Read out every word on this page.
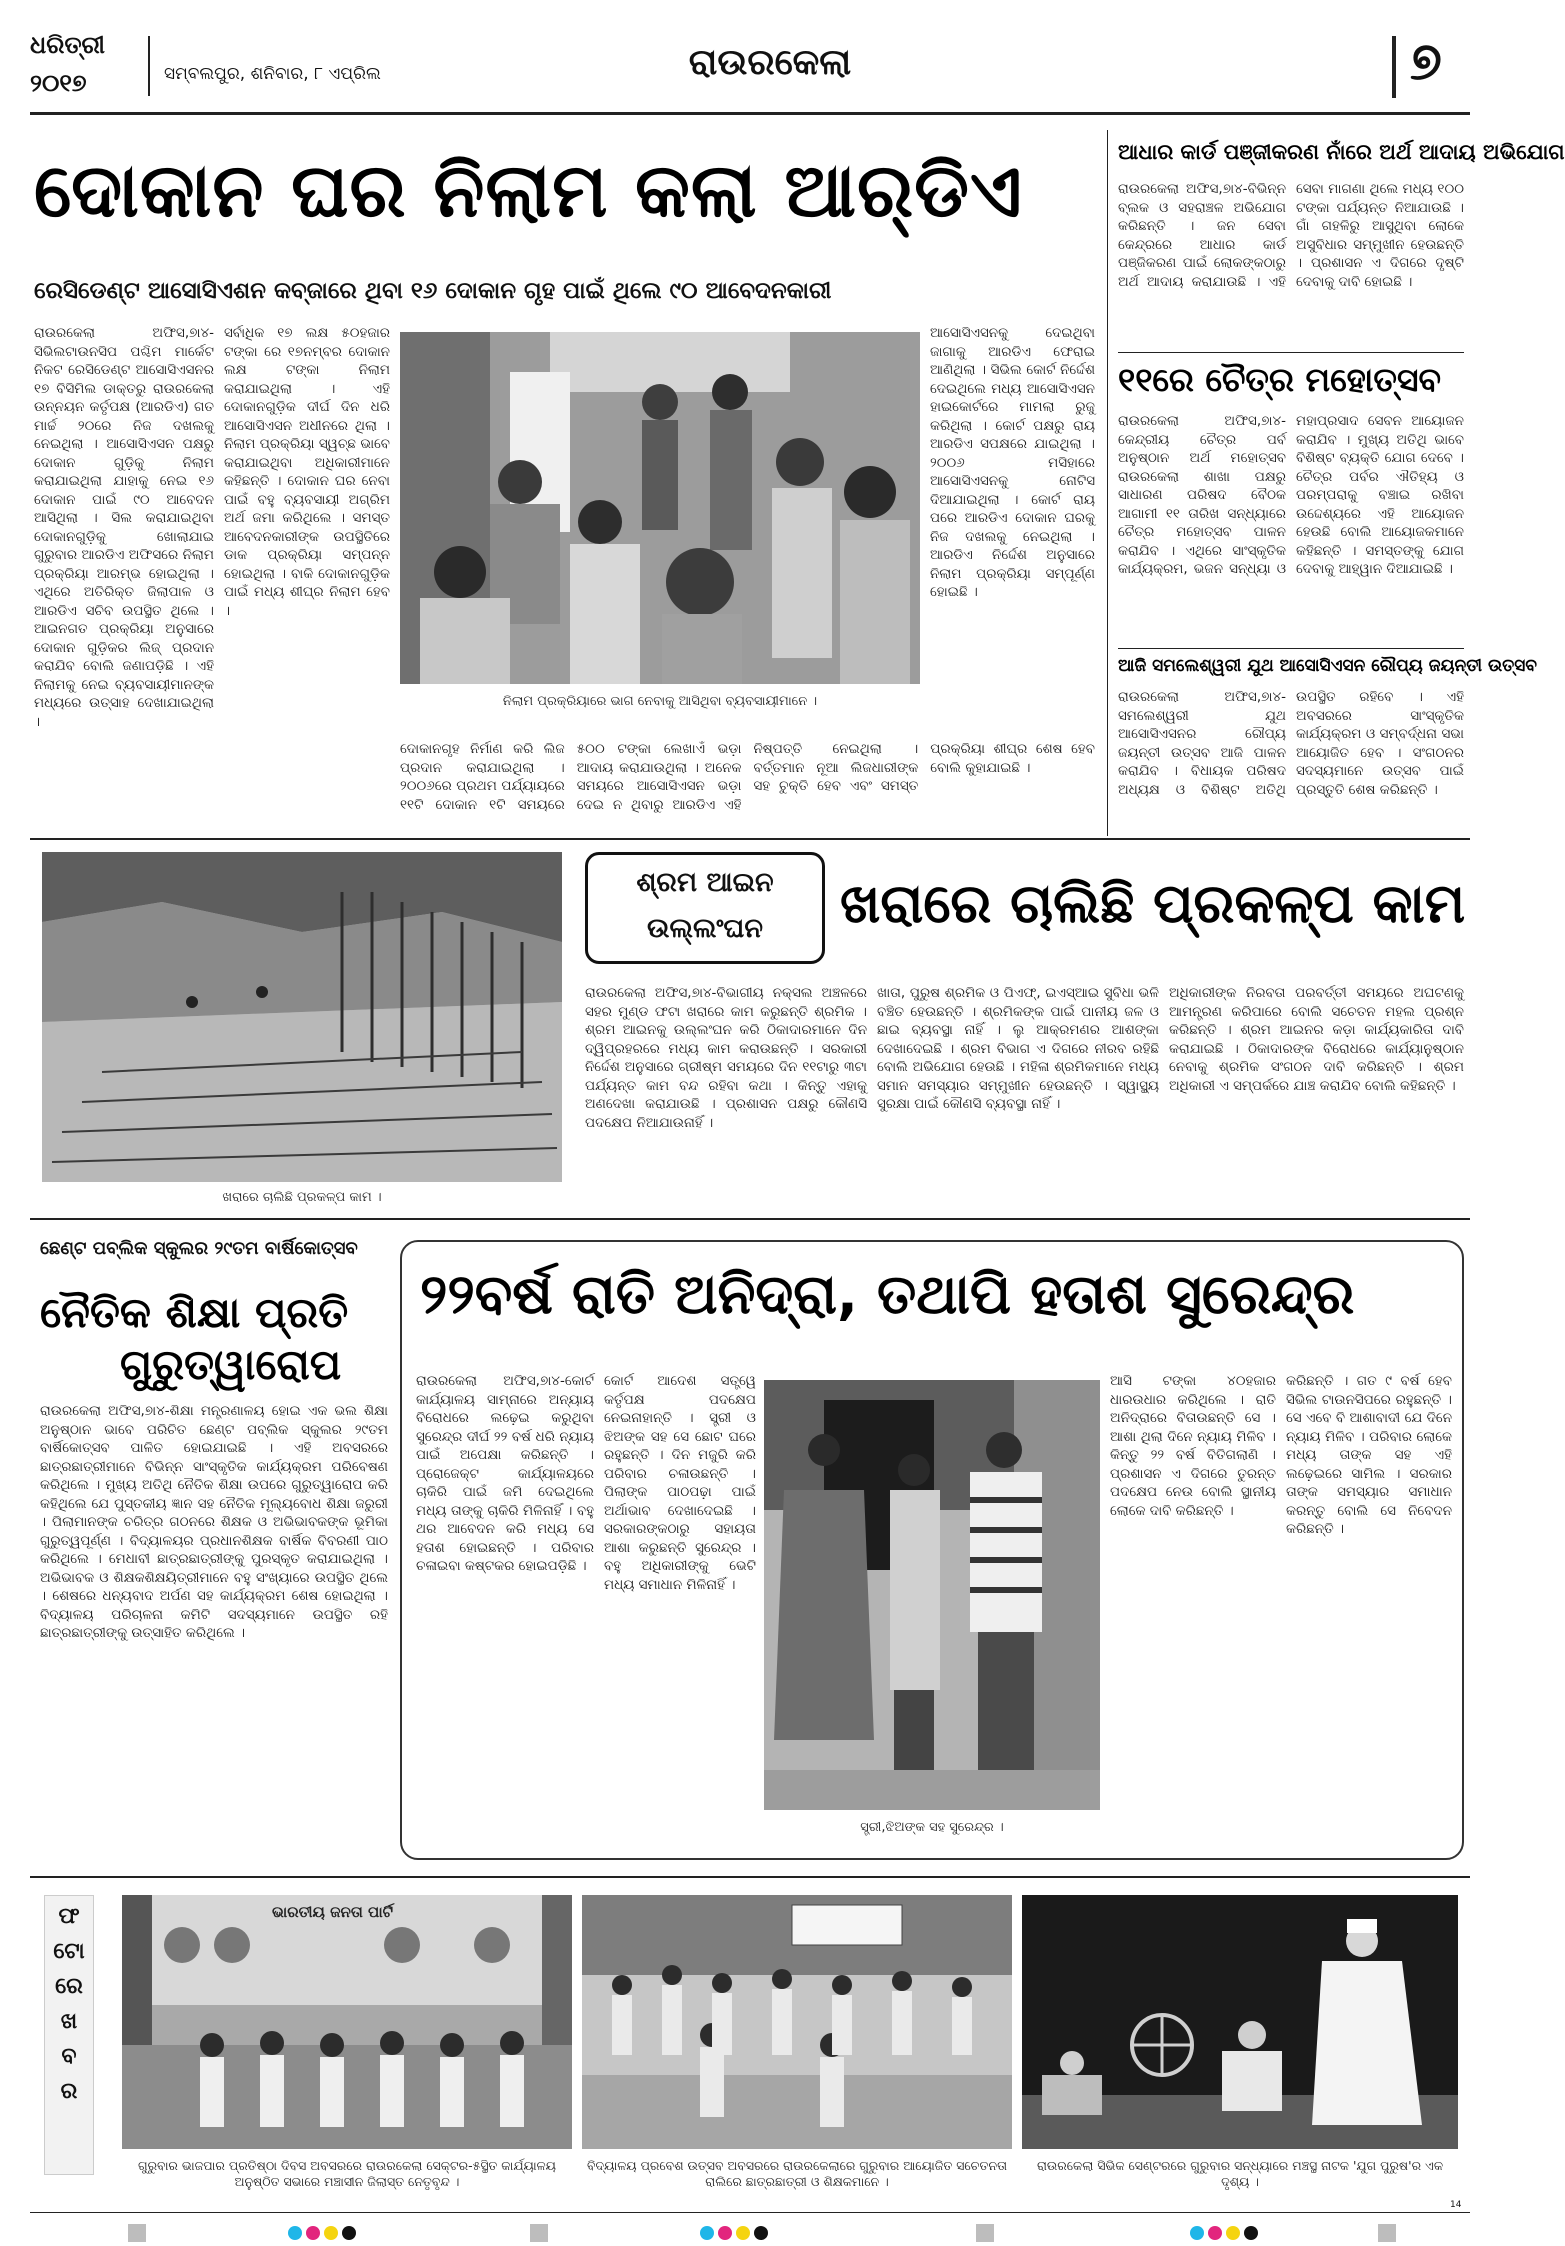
ଧରିତ୍ରୀ
୨୦୧୭	ସମ୍ବଲପୁର, ଶନିବାର, ୮ ଏପ୍ରିଲ	ରାଉରକେଲା	୭
ଦୋକାନ ଘର ନିଲାମ କଲା ଆର୍‌ଡିଏ
ରେସିଡେଣ୍ଟ ଆସୋସିଏଶନ କବ୍‌ଜାରେ ଥିବା ୧୬ ଦୋକାନ ଗୃହ ପାଇଁ ଥିଲେ ୯୦ ଆବେଦନକାରୀ
ରାଉରକେଲା ଅଫିସ,୭ା୪- ସିଭିଲଟାଉନସିପ ପଶ୍ଚିମ ମାର୍କେଟ ନିକଟ ରେସିଡେଣ୍ଟ ଆସୋସିଏସନର ୧୭ ବିସିମିଲ ଡାକ୍ତରୁ ରାଉରକେଲା ଉନ୍ନୟନ କର୍ତୃପକ୍ଷ (ଆରଡିଏ) ଗତ ମାର୍ଚ୍ଚ ୨୦ରେ ନିଜ ଦଖଲକୁ ନେଇଥିଲା । ଆସୋସିଏସନ ପକ୍ଷରୁ ଦୋକାନ ଗୁଡ଼ିକୁ ନିଲାମ କରାଯାଇଥିଲା ଯାହାକୁ ନେଇ ୧୬ ଦୋକାନ ପାଇଁ ୯୦ ଆବେଦନ ଆସିଥିଲା । ସିଲ କରାଯାଇଥିବା ଦୋକାନଗୁଡ଼ିକୁ ଖୋଲାଯାଇ ଗୁରୁବାର ଆରଡିଏ ଅଫିସରେ ନିଲାମ ପ୍ରକ୍ରିୟା ଆରମ୍ଭ ହୋଇଥିଲା । ଏଥିରେ ଅତିରିକ୍ତ ଜିଲାପାଳ ଓ ଆରଡିଏ ସଚିବ ଉପସ୍ଥିତ ଥିଲେ । ଆଇନଗତ ପ୍ରକ୍ରିୟା ଅନୁସାରେ ଦୋକାନ ଗୁଡ଼ିକର ଲିଜ୍ ପ୍ରଦାନ କରାଯିବ ବୋଲି ଜଣାପଡ଼ିଛି । ଏହି ନିଲାମକୁ ନେଇ ବ୍ୟବସାୟୀମାନଙ୍କ ମଧ୍ୟରେ ଉତ୍ସାହ ଦେଖାଯାଇଥିଲା ।
ସର୍ବାଧିକ ୧୭ ଲକ୍ଷ ୫୦ହଜାର ଟଙ୍କା ରେ ୧୭ନମ୍ବର ଦୋକାନ ଲକ୍ଷ ଟଙ୍କା ନିଲାମ କରାଯାଇଥିଲା । ଏହି ଦୋକାନଗୁଡ଼ିକ ଦୀର୍ଘ ଦିନ ଧରି ଆସୋସିଏସନ ଅଧୀନରେ ଥିଲା । ନିଲାମ ପ୍ରକ୍ରିୟା ସ୍ୱଚ୍ଛ ଭାବେ କରାଯାଇଥିବା ଅଧିକାରୀମାନେ କହିଛନ୍ତି । ଦୋକାନ ଘର ନେବା ପାଇଁ ବହୁ ବ୍ୟବସାୟୀ ଅଗ୍ରିମ ଅର୍ଥ ଜମା କରିଥିଲେ । ସମସ୍ତ ଆବେଦନକାରୀଙ୍କ ଉପସ୍ଥିତିରେ ଡାକ ପ୍ରକ୍ରିୟା ସମ୍ପନ୍ନ ହୋଇଥିଲା । ବାକି ଦୋକାନଗୁଡ଼ିକ ପାଇଁ ମଧ୍ୟ ଶୀଘ୍ର ନିଲାମ ହେବ ।
ନିଲାମ ପ୍ରକ୍ରିୟାରେ ଭାଗ ନେବାକୁ ଆସିଥିବା ବ୍ୟବସାୟୀମାନେ ।
ଆସୋସିଏସନକୁ ଦେଇଥିବା ଜାଗାକୁ ଆରଡିଏ ଫେରାଇ ଆଣିଥିଲା । ସିଭିଲ କୋର୍ଟ ନିର୍ଦ୍ଦେଶ ଦେଇଥିଲେ ମଧ୍ୟ ଆସୋସିଏସନ ହାଇକୋର୍ଟରେ ମାମଲା ରୁଜୁ କରିଥିଲା । କୋର୍ଟ ପକ୍ଷରୁ ରାୟ ଆରଡିଏ ସପକ୍ଷରେ ଯାଇଥିଲା । ୨୦୦୬ ମସିହାରେ ଆସୋସିଏସନକୁ ନୋଟିସ ଦିଆଯାଇଥିଲା । କୋର୍ଟ ରାୟ ପରେ ଆରଡିଏ ଦୋକାନ ଘରକୁ ନିଜ ଦଖଲକୁ ନେଇଥିଲା । ଆରଡିଏ ନିର୍ଦ୍ଦେଶ ଅନୁସାରେ ନିଲାମ ପ୍ରକ୍ରିୟା ସମ୍ପୂର୍ଣ୍ଣ ହୋଇଛି ।
ଦୋକାନଗୃହ ନିର୍ମାଣ କରି ଲିଜ ପ୍ରଦାନ କରାଯାଇଥିଲା । ୨୦୦୬ରେ ପ୍ରଥମ ପର୍ଯ୍ୟାୟରେ ୧୧ଟି ଦୋକାନ ୧ଟି ସମୟରେ ୫୦୦ ଟଙ୍କା ଲେଖାଏଁ ଭଡ଼ା ଆଦାୟ କରାଯାଉଥିଲା । ଅନେକ ସମୟରେ ଆସୋସିଏସନ ଭଡ଼ା ଦେଇ ନ ଥିବାରୁ ଆରଡିଏ ଏହି ନିଷ୍ପତ୍ତି ନେଇଥିଲା । ବର୍ତ୍ତମାନ ନୂଆ ଲିଜଧାରୀଙ୍କ ସହ ଚୁକ୍ତି ହେବ ଏବଂ ସମସ୍ତ ପ୍ରକ୍ରିୟା ଶୀଘ୍ର ଶେଷ ହେବ ବୋଲି କୁହାଯାଇଛି ।
ଆଧାର କାର୍ଡ ପଞ୍ଜୀକରଣ ନାଁରେ ଅର୍ଥ ଆଦାୟ ଅଭିଯୋଗ
ରାଉରକେଲା ଅଫିସ,୭ା୪-ବିଭିନ୍ନ ବ୍ଲକ ଓ ସହରାଞ୍ଚଳ ଅଭିଯୋଗ କରିଛନ୍ତି । ଜନ ସେବା କେନ୍ଦ୍ରରେ ଆଧାର କାର୍ଡ ପଞ୍ଜିକରଣ ପାଇଁ ଲୋକଙ୍କଠାରୁ ଅର୍ଥ ଆଦାୟ କରାଯାଉଛି । ଏହି ସେବା ମାଗଣା ଥିଲେ ମଧ୍ୟ ୧୦୦ ଟଙ୍କା ପର୍ଯ୍ୟନ୍ତ ନିଆଯାଉଛି । ଗାଁ ଗହଳିରୁ ଆସୁଥିବା ଲୋକେ ଅସୁବିଧାର ସମ୍ମୁଖୀନ ହେଉଛନ୍ତି । ପ୍ରଶାସନ ଏ ଦିଗରେ ଦୃଷ୍ଟି ଦେବାକୁ ଦାବି ହୋଇଛି ।
୧୧ରେ ଚୈତ୍ର ମହୋତ୍ସବ
ରାଉରକେଲା ଅଫିସ,୭ା୪-କେନ୍ଦ୍ରୀୟ ଚୈତ୍ର ପର୍ବ ଅନୁଷ୍ଠାନ ଅର୍ଥ ମହୋତ୍ସବ ରାଉରକେଲା ଶାଖା ପକ୍ଷରୁ ସାଧାରଣ ପରିଷଦ ବୈଠକ ଆଗାମୀ ୧୧ ତାରିଖ ସନ୍ଧ୍ୟାରେ ଚୈତ୍ର ମହୋତ୍ସବ ପାଳନ କରାଯିବ । ଏଥିରେ ସାଂସ୍କୃତିକ କାର୍ଯ୍ୟକ୍ରମ, ଭଜନ ସନ୍ଧ୍ୟା ଓ ମହାପ୍ରସାଦ ସେବନ ଆୟୋଜନ କରାଯିବ । ମୁଖ୍ୟ ଅତିଥି ଭାବେ ବିଶିଷ୍ଟ ବ୍ୟକ୍ତି ଯୋଗ ଦେବେ । ଚୈତ୍ର ପର୍ବର ଐତିହ୍ୟ ଓ ପରମ୍ପରାକୁ ବଞ୍ଚାଇ ରଖିବା ଉଦ୍ଦେଶ୍ୟରେ ଏହି ଆୟୋଜନ ହେଉଛି ବୋଲି ଆୟୋଜକମାନେ କହିଛନ୍ତି । ସମସ୍ତଙ୍କୁ ଯୋଗ ଦେବାକୁ ଆହ୍ୱାନ ଦିଆଯାଇଛି ।
ଆଜି ସମଲେଶ୍ୱରୀ ଯୁଥ ଆସୋସିଏସନ ରୌପ୍ୟ ଜୟନ୍ତୀ ଉତ୍ସବ
ରାଉରକେଲା ଅଫିସ,୭ା୪-ସମଲେଶ୍ୱରୀ ଯୁଥ ଆସୋସିଏସନର ରୌପ୍ୟ ଜୟନ୍ତୀ ଉତ୍ସବ ଆଜି ପାଳନ କରାଯିବ । ବିଧାୟକ ପରିଷଦ ଅଧ୍ୟକ୍ଷ ଓ ବିଶିଷ୍ଟ ଅତିଥି ଉପସ୍ଥିତ ରହିବେ । ଏହି ଅବସରରେ ସାଂସ୍କୃତିକ କାର୍ଯ୍ୟକ୍ରମ ଓ ସମ୍ବର୍ଦ୍ଧନା ସଭା ଆୟୋଜିତ ହେବ । ସଂଗଠନର ସଦସ୍ୟମାନେ ଉତ୍ସବ ପାଇଁ ପ୍ରସ୍ତୁତି ଶେଷ କରିଛନ୍ତି ।
ଖରାରେ ଚାଲିଛି ପ୍ରକଳ୍ପ କାମ ।
ଶ୍ରମ ଆଇନ
ଉଲ୍ଲଂଘନ	ଖରାରେ ଚାଲିଛି ପ୍ରକଳ୍ପ କାମ
ରାଉରକେଲା ଅଫିସ,୭ା୪-ବିଭାଗୀୟ ନକ୍ସଲ ଅଞ୍ଚଳରେ ସହର ମୁଣ୍ଡ ଫଟା ଖରାରେ କାମ କରୁଛନ୍ତି ଶ୍ରମିକ । ଶ୍ରମ ଆଇନକୁ ଉଲ୍ଲଂଘନ କରି ଠିକାଦାରମାନେ ଦିନ ଦ୍ୱିପ୍ରହରରେ ମଧ୍ୟ କାମ କରାଉଛନ୍ତି । ସରକାରୀ ନିର୍ଦ୍ଦେଶ ଅନୁସାରେ ଗ୍ରୀଷ୍ମ ସମୟରେ ଦିନ ୧୧ଟାରୁ ୩ଟା ପର୍ଯ୍ୟନ୍ତ କାମ ବନ୍ଦ ରହିବା କଥା । କିନ୍ତୁ ଏହାକୁ ଅଣଦେଖା କରାଯାଉଛି । ପ୍ରଶାସନ ପକ୍ଷରୁ କୌଣସି ପଦକ୍ଷେପ ନିଆଯାଉନାହିଁ ।
ଖାତା, ପୁରୁଷ ଶ୍ରମିକ ଓ ପିଏଫ୍, ଇଏସ୍ଆଇ ସୁବିଧା ଭଳି ବଞ୍ଚିତ ହେଉଛନ୍ତି । ଶ୍ରମିକଙ୍କ ପାଇଁ ପାନୀୟ ଜଳ ଓ ଛାଇ ବ୍ୟବସ୍ଥା ନାହିଁ । ଲୁ ଆକ୍ରମଣର ଆଶଙ୍କା ଦେଖାଦେଇଛି । ଶ୍ରମ ବିଭାଗ ଏ ଦିଗରେ ନୀରବ ରହିଛି ବୋଲି ଅଭିଯୋଗ ହେଉଛି । ମହିଳା ଶ୍ରମିକମାନେ ମଧ୍ୟ ସମାନ ସମସ୍ୟାର ସମ୍ମୁଖୀନ ହେଉଛନ୍ତି । ସ୍ୱାସ୍ଥ୍ୟ ସୁରକ୍ଷା ପାଇଁ କୌଣସି ବ୍ୟବସ୍ଥା ନାହିଁ ।
ଅଧିକାରୀଙ୍କ ନିରବତା ପରବର୍ତ୍ତୀ ସମୟରେ ଅଘଟଣକୁ ଆମନ୍ତ୍ରଣ କରିପାରେ ବୋଲି ସଚେତନ ମହଲ ପ୍ରଶ୍ନ କରିଛନ୍ତି । ଶ୍ରମ ଆଇନର କଡ଼ା କାର୍ଯ୍ୟକାରିତା ଦାବି କରାଯାଇଛି । ଠିକାଦାରଙ୍କ ବିରୋଧରେ କାର୍ଯ୍ୟାନୁଷ୍ଠାନ ନେବାକୁ ଶ୍ରମିକ ସଂଗଠନ ଦାବି କରିଛନ୍ତି । ଶ୍ରମ ଅଧିକାରୀ ଏ ସମ୍ପର୍କରେ ଯାଞ୍ଚ କରାଯିବ ବୋଲି କହିଛନ୍ତି ।
ଛେଣ୍ଟ ପବ୍ଲିକ ସ୍କୁଲର ୨୯ତମ ବାର୍ଷିକୋତ୍ସବ
ନୈତିକ ଶିକ୍ଷା ପ୍ରତି
ଗୁରୁତ୍ୱାରୋପ
ରାଉରକେଲା ଅଫିସ,୭ା୪-ଶିକ୍ଷା ମନ୍ତ୍ରଣାଳୟ ହୋଇ ଏକ ଭଲ ଶିକ୍ଷା ଅନୁଷ୍ଠାନ ଭାବେ ପରିଚିତ ଛେଣ୍ଟ ପବ୍ଲିକ ସ୍କୁଲର ୨୯ତମ ବାର୍ଷିକୋତ୍ସବ ପାଳିତ ହୋଇଯାଇଛି । ଏହି ଅବସରରେ ଛାତ୍ରଛାତ୍ରୀମାନେ ବିଭିନ୍ନ ସାଂସ୍କୃତିକ କାର୍ଯ୍ୟକ୍ରମ ପରିବେଷଣ କରିଥିଲେ । ମୁଖ୍ୟ ଅତିଥି ନୈତିକ ଶିକ୍ଷା ଉପରେ ଗୁରୁତ୍ୱାରୋପ କରି କହିଥିଲେ ଯେ ପୁସ୍ତକୀୟ ଜ୍ଞାନ ସହ ନୈତିକ ମୂଲ୍ୟବୋଧ ଶିକ୍ଷା ଜରୁରୀ । ପିଲାମାନଙ୍କ ଚରିତ୍ର ଗଠନରେ ଶିକ୍ଷକ ଓ ଅଭିଭାବକଙ୍କ ଭୂମିକା ଗୁରୁତ୍ୱପୂର୍ଣ୍ଣ । ବିଦ୍ୟାଳୟର ପ୍ରଧାନଶିକ୍ଷକ ବାର୍ଷିକ ବିବରଣୀ ପାଠ କରିଥିଲେ । ମେଧାବୀ ଛାତ୍ରଛାତ୍ରୀଙ୍କୁ ପୁରସ୍କୃତ କରାଯାଇଥିଲା । ଅଭିଭାବକ ଓ ଶିକ୍ଷକଶିକ୍ଷୟିତ୍ରୀମାନେ ବହୁ ସଂଖ୍ୟାରେ ଉପସ୍ଥିତ ଥିଲେ । ଶେଷରେ ଧନ୍ୟବାଦ ଅର୍ପଣ ସହ କାର୍ଯ୍ୟକ୍ରମ ଶେଷ ହୋଇଥିଲା । ବିଦ୍ୟାଳୟ ପରିଚାଳନା କମିଟି ସଦସ୍ୟମାନେ ଉପସ୍ଥିତ ରହି ଛାତ୍ରଛାତ୍ରୀଙ୍କୁ ଉତ୍ସାହିତ କରିଥିଲେ ।
୨୨ବର୍ଷ ରାତି ଅନିଦ୍ରା, ତଥାପି ହତାଶ ସୁରେନ୍ଦ୍ର
ରାଉରକେଲା ଅଫିସ,୭ା୪-କୋର୍ଟ କାର୍ଯ୍ୟାଳୟ ସାମ୍ନାରେ ଅନ୍ୟାୟ ବିରୋଧରେ ଲଢ଼େଇ କରୁଥିବା ସୁରେନ୍ଦ୍ର ଦୀର୍ଘ ୨୨ ବର୍ଷ ଧରି ନ୍ୟାୟ ପାଇଁ ଅପେକ୍ଷା କରିଛନ୍ତି । ପ୍ରୋଜେକ୍ଟ କାର୍ଯ୍ୟାଳୟରେ ଚାକିରି ପାଇଁ ଜମି ଦେଇଥିଲେ ମଧ୍ୟ ତାଙ୍କୁ ଚାକିରି ମିଳିନାହିଁ । ବହୁ ଥର ଆବେଦନ କରି ମଧ୍ୟ ସେ ହତାଶ ହୋଇଛନ୍ତି । ପରିବାର ଚଳାଇବା କଷ୍ଟକର ହୋଇପଡ଼ିଛି ।
କୋର୍ଟ ଆଦେଶ ସତ୍ତ୍ୱେ କର୍ତୃପକ୍ଷ ପଦକ୍ଷେପ ନେଇନାହାନ୍ତି । ସ୍ତ୍ରୀ ଓ ଝିଅଙ୍କ ସହ ସେ ଛୋଟ ଘରେ ରହୁଛନ୍ତି । ଦିନ ମଜୁରି କରି ପରିବାର ଚଳାଉଛନ୍ତି । ପିଲାଙ୍କ ପାଠପଢ଼ା ପାଇଁ ଅର୍ଥାଭାବ ଦେଖାଦେଇଛି । ସରକାରଙ୍କଠାରୁ ସହାୟତା ଆଶା କରୁଛନ୍ତି ସୁରେନ୍ଦ୍ର । ବହୁ ଅଧିକାରୀଙ୍କୁ ଭେଟି ମଧ୍ୟ ସମାଧାନ ମିଳିନାହିଁ ।
ସ୍ତ୍ରୀ,ଝିଅଙ୍କ ସହ ସୁରେନ୍ଦ୍ର ।
ଆସି ଟଙ୍କା ୪୦ହଜାର ଧାରଉଧାର କରିଥିଲେ । ରାତି ଅନିଦ୍ରାରେ ବିତାଉଛନ୍ତି ସେ । ଆଶା ଥିଲା ଦିନେ ନ୍ୟାୟ ମିଳିବ । କିନ୍ତୁ ୨୨ ବର୍ଷ ବିତିଗଲାଣି । ପ୍ରଶାସନ ଏ ଦିଗରେ ତୁରନ୍ତ ପଦକ୍ଷେପ ନେଉ ବୋଲି ସ୍ଥାନୀୟ ଲୋକେ ଦାବି କରିଛନ୍ତି ।
କରିଛନ୍ତି । ଗତ ୯ ବର୍ଷ ହେବ ସିଭିଲ ଟାଉନସିପରେ ରହୁଛନ୍ତି । ସେ ଏବେ ବି ଆଶାବାଦୀ ଯେ ଦିନେ ନ୍ୟାୟ ମିଳିବ । ପରିବାର ଲୋକେ ମଧ୍ୟ ତାଙ୍କ ସହ ଏହି ଲଢ଼େଇରେ ସାମିଲ । ସରକାର ତାଙ୍କ ସମସ୍ୟାର ସମାଧାନ କରନ୍ତୁ ବୋଲି ସେ ନିବେଦନ କରିଛନ୍ତି ।
ଫ
ଟୋ
ରେ
ଖ
ବ
ର
ଭାରତୀୟ ଜନତା ପାର୍ଟି
ଗୁରୁବାର ଭାଜପାର ପ୍ରତିଷ୍ଠା ଦିବସ ଅବସରରେ ରାଉରକେଲା ସେକ୍ଟର-୫ସ୍ଥିତ କାର୍ଯ୍ୟାଳୟ ଅନୁଷ୍ଠିତ ସଭାରେ ମଞ୍ଚାସୀନ ଜିଲାସ୍ତ ନେତୃବୃନ୍ଦ ।
ବିଦ୍ୟାଳୟ ପ୍ରବେଶ ଉତ୍ସବ ଅବସରରେ ରାଉରକେଲାରେ ଗୁରୁବାର ଆୟୋଜିତ ସଚେତନତା ରାଲିରେ ଛାତ୍ରଛାତ୍ରୀ ଓ ଶିକ୍ଷକମାନେ ।
ରାଉରକେଲା ସିଭିକ ସେଣ୍ଟରରେ ଗୁରୁବାର ସନ୍ଧ୍ୟାରେ ମଞ୍ଚସ୍ଥ ନାଟକ 'ଯୁଗ ପୁରୁଷ'ର ଏକ ଦୃଶ୍ୟ ।
14
